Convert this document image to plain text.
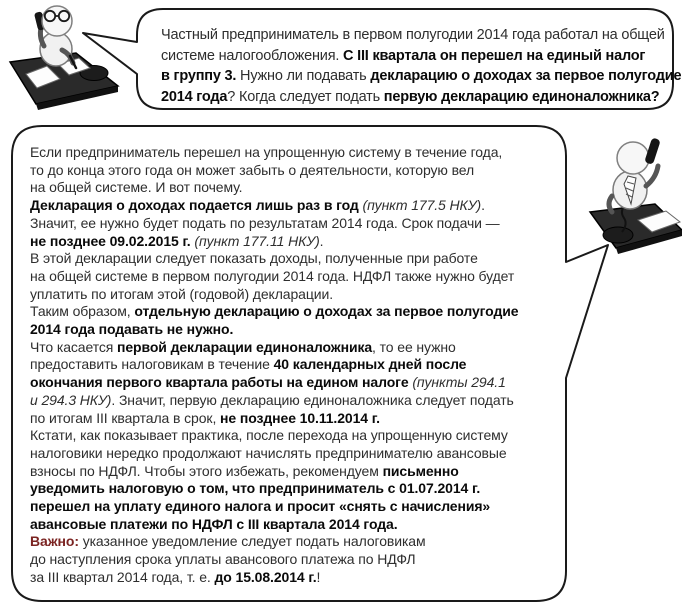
Частный предприниматель в первом полугодии 2014 года работал на общей
системе налогообложения. С III квартала он перешел на единый налог
в группу 3. Нужно ли подавать декларацию о доходах за первое полугодие
2014 года? Когда следует подать первую декларацию единоналожника?
Если предприниматель перешел на упрощенную систему в течение года,
то до конца этого года он может забыть о деятельности, которую вел
на общей системе. И вот почему.
Декларация о доходах подается лишь раз в год (пункт 177.5 НКУ).
Значит, ее нужно будет подать по результатам 2014 года. Срок подачи —
не позднее 09.02.2015 г. (пункт 177.11 НКУ).
В этой декларации следует показать доходы, полученные при работе
на общей системе в первом полугодии 2014 года. НДФЛ также нужно будет
уплатить по итогам этой (годовой) декларации.
Таким образом, отдельную декларацию о доходах за первое полугодие
2014 года подавать не нужно.
Что касается первой декларации единоналожника, то ее нужно
предоставить налоговикам в течение 40 календарных дней после
окончания первого квартала работы на едином налоге (пункты 294.1
и 294.3 НКУ). Значит, первую декларацию единоналожника следует подать
по итогам III квартала в срок, не позднее 10.11.2014 г.
Кстати, как показывает практика, после перехода на упрощенную систему
налоговики нередко продолжают начислять предпринимателю авансовые
взносы по НДФЛ. Чтобы этого избежать, рекомендуем письменно
уведомить налоговую о том, что предприниматель с 01.07.2014 г.
перешел на уплату единого налога и просит «снять с начисления»
авансовые платежи по НДФЛ с III квартала 2014 года.
Важно: указанное уведомление следует подать налоговикам
до наступления срока уплаты авансового платежа по НДФЛ
за III квартал 2014 года, т. е. до 15.08.2014 г.!
